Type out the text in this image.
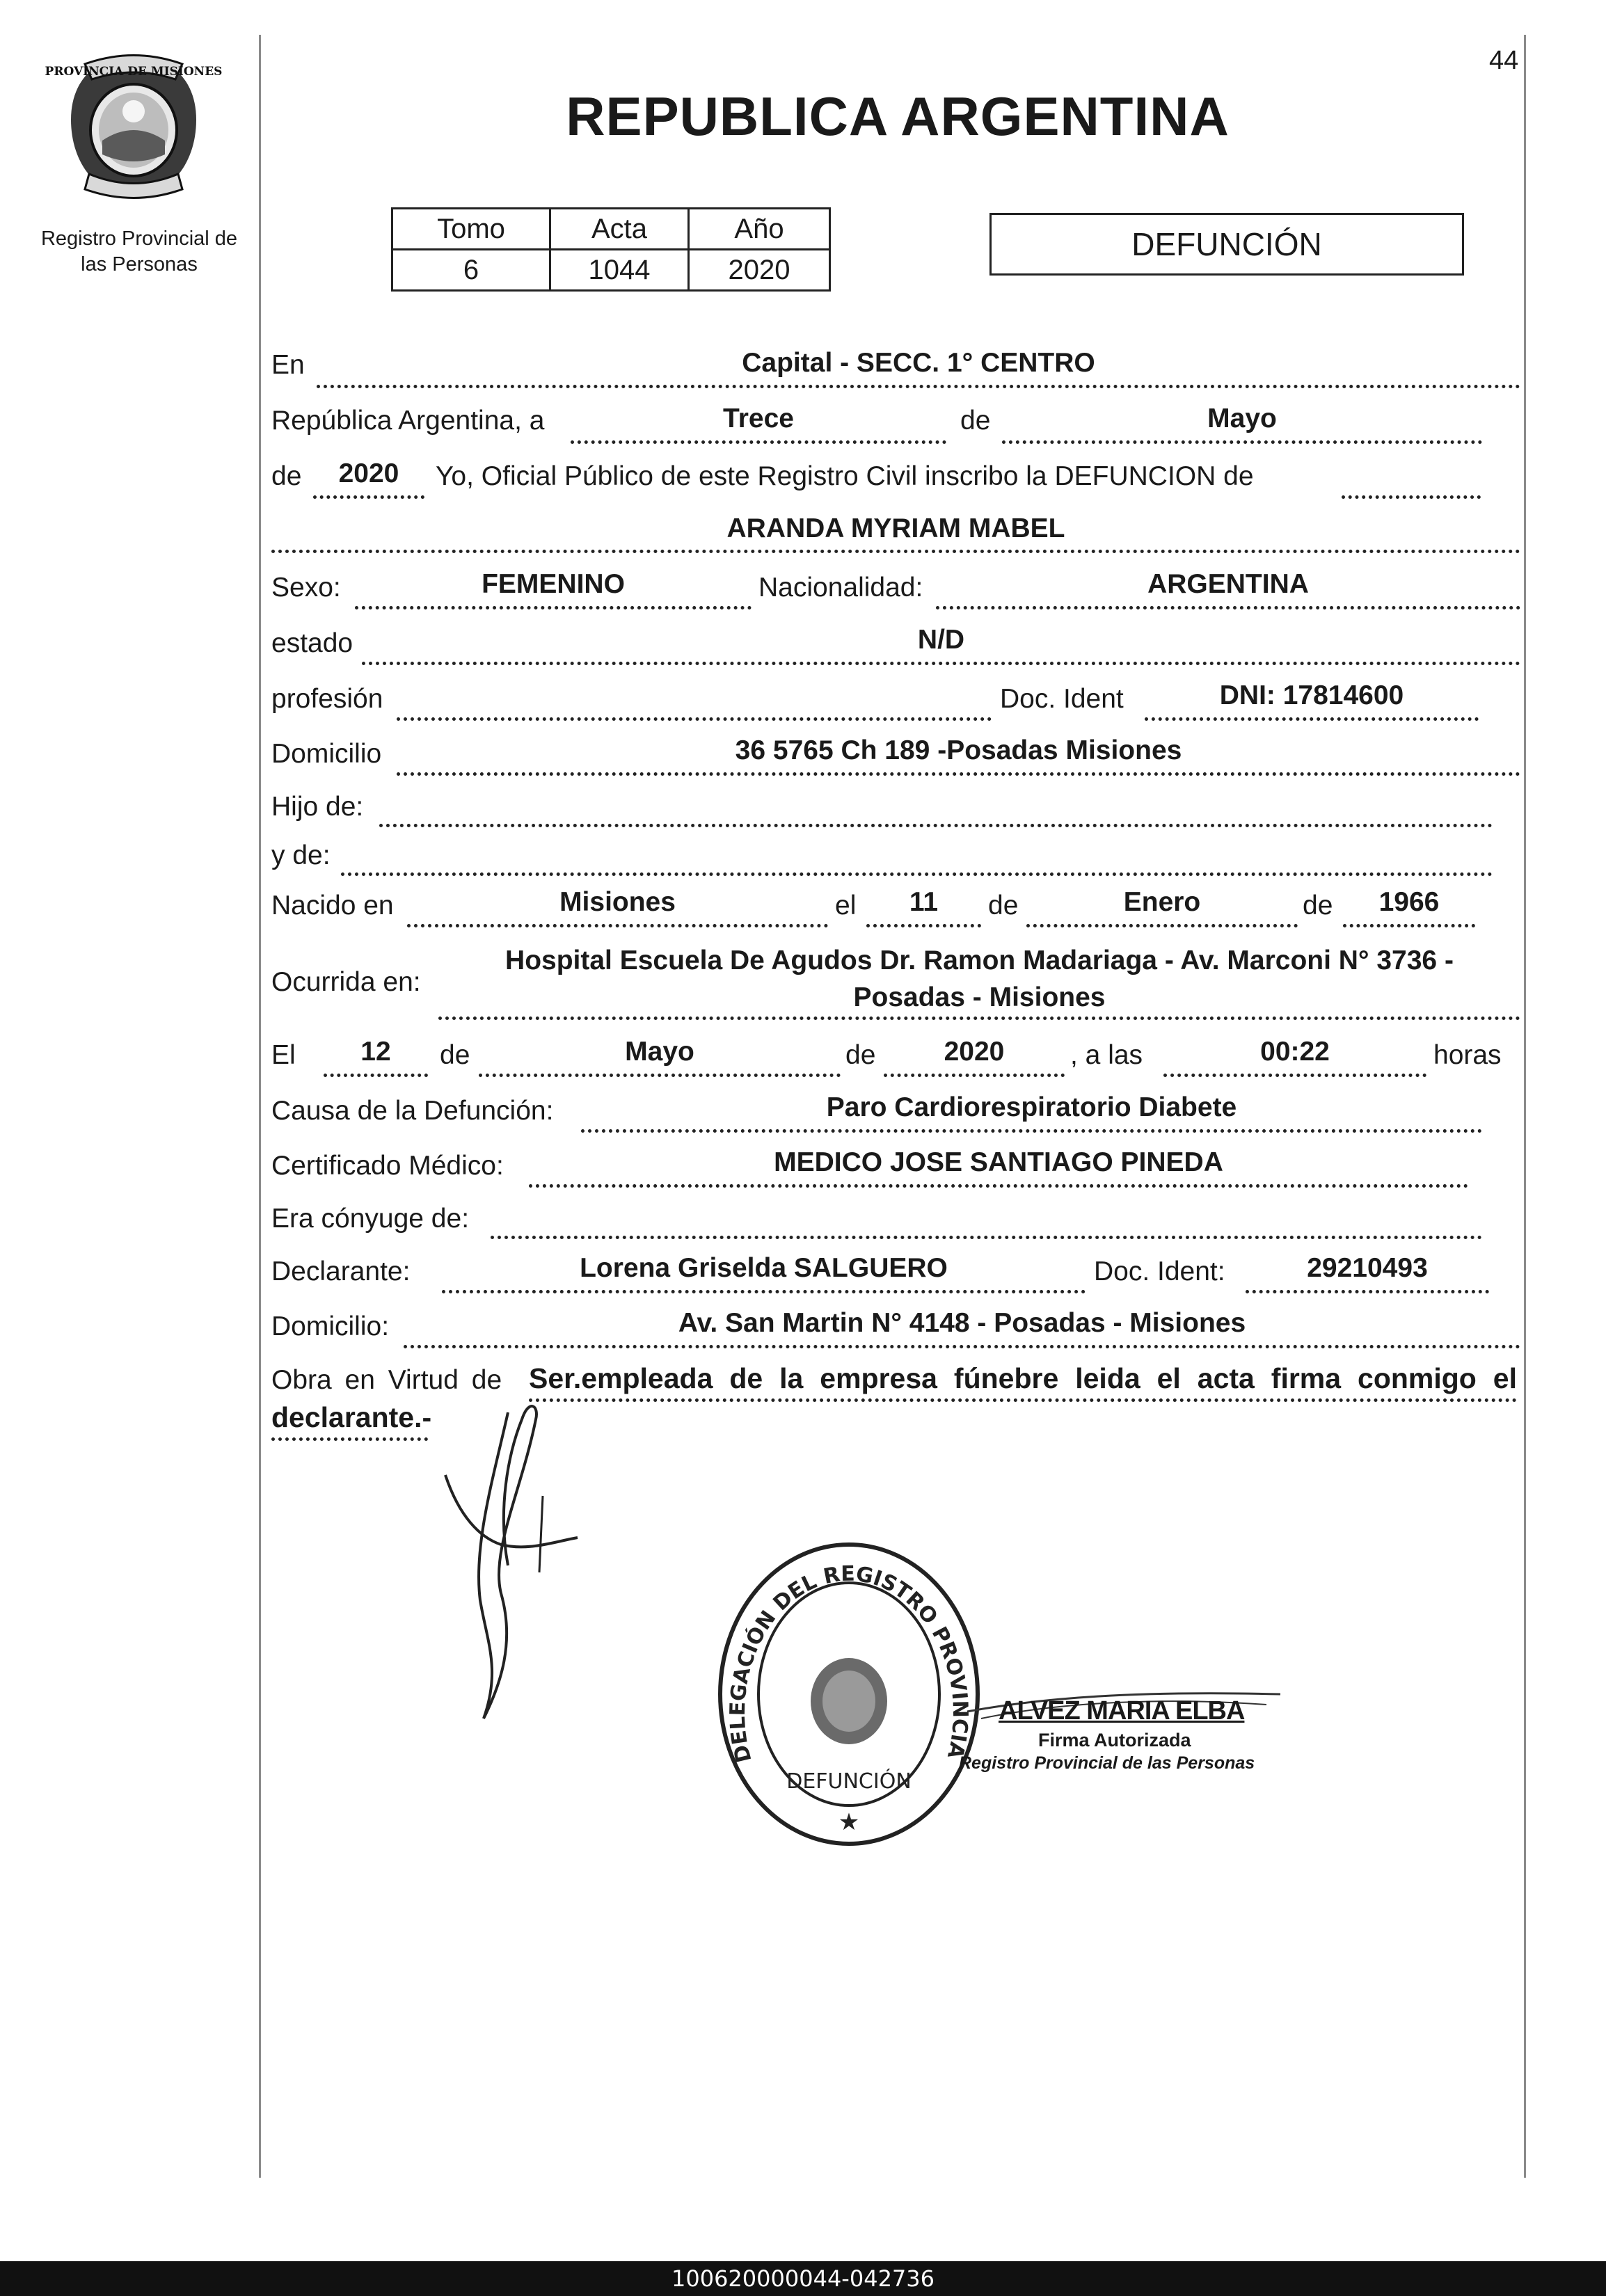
44
PROVINCIA DE MISIONES
Registro Provincial de
las Personas
REPUBLICA ARGENTINA
Tomo	Acta	Año
6	1044	2020
DEFUNCIÓN
En	Capital - SECC. 1° CENTRO
República Argentina, a	Trece	de	Mayo
de	2020	Yo, Oficial Público de este Registro Civil inscribo la DEFUNCION de
ARANDA MYRIAM MABEL
Sexo:	FEMENINO	Nacionalidad:	ARGENTINA
estado	N/D
profesión	Doc. Ident	DNI: 17814600
Domicilio	36 5765 Ch 189 -Posadas Misiones
Hijo de:
y de:
Nacido en	Misiones	el	11	de	Enero	de	1966
Ocurrida en:
Hospital Escuela De Agudos Dr. Ramon Madariaga - Av. Marconi N° 3736 -
Posadas - Misiones
El	12	de	Mayo	de	2020	, a las	00:22	horas
Causa de la Defunción:	Paro Cardiorespiratorio Diabete
Certificado Médico:	MEDICO JOSE SANTIAGO PINEDA
Era cónyuge de:
Declarante:	Lorena Griselda SALGUERO	Doc. Ident:	29210493
Domicilio:	Av. San Martin N° 4148 - Posadas - Misiones
Obra en Virtud de Ser.empleada de la empresa fúnebre leida el acta firma conmigo el
declarante.-
DELEGACIÓN DEL REGISTRO PROVINCIA
DEFUNCIÓN
★
ALVEZ MARIA ELBA
Firma Autorizada
Registro Provincial de las Personas
100620000044-042736
